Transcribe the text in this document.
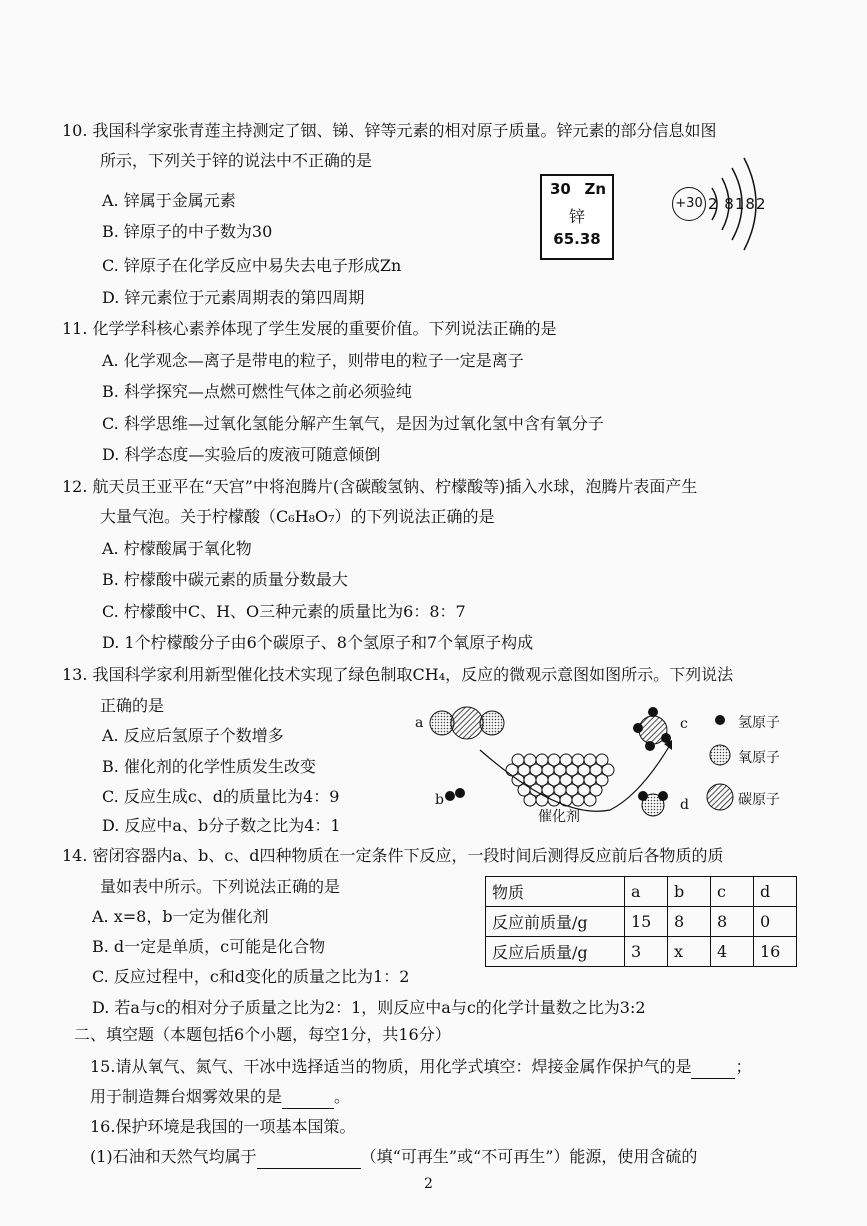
10. 我国科学家张青莲主持测定了铟、锑、锌等元素的相对原子质量。锌元素的部分信息如图
所示，下列关于锌的说法中不正确的是
A. 锌属于金属元素
B. 锌原子的中子数为30
C. 锌原子在化学反应中易失去电子形成Zn
D. 锌元素位于元素周期表的第四周期
30 Zn
锌
65.38
+30 2 8182
11. 化学学科核心素养体现了学生发展的重要价值。下列说法正确的是
A. 化学观念—离子是带电的粒子，则带电的粒子一定是离子
B. 科学探究—点燃可燃性气体之前必须验纯
C. 科学思维—过氧化氢能分解产生氧气，是因为过氧化氢中含有氧分子
D. 科学态度—实验后的废液可随意倾倒
12. 航天员王亚平在“天宫”中将泡腾片(含碳酸氢钠、柠檬酸等)插入水球，泡腾片表面产生
大量气泡。关于柠檬酸（C₆H₈O₇）的下列说法正确的是
A. 柠檬酸属于氧化物
B. 柠檬酸中碳元素的质量分数最大
C. 柠檬酸中C、H、O三种元素的质量比为6：8：7
D. 1个柠檬酸分子由6个碳原子、8个氢原子和7个氧原子构成
13. 我国科学家利用新型催化技术实现了绿色制取CH₄，反应的微观示意图如图所示。下列说法
正确的是
A. 反应后氢原子个数增多
B. 催化剂的化学性质发生改变
C. 反应生成c、d的质量比为4：9
D. 反应中a、b分子数之比为4：1
a
b
c
d
催化剂
氢原子
氧原子
碳原子
14. 密闭容器内a、b、c、d四种物质在一定条件下反应，一段时间后测得反应前后各物质的质
量如表中所示。下列说法正确的是
A. x=8，b一定为催化剂
B. d一定是单质，c可能是化合物
C. 反应过程中，c和d变化的质量之比为1：2
D. 若a与c的相对分子质量之比为2：1，则反应中a与c的化学计量数之比为3:2
物质	a	b	c	d
反应前质量/g	15	8	8	0
反应后质量/g	3	x	4	16
二、填空题（本题包括6个小题，每空1分，共16分）
15.请从氧气、氮气、干冰中选择适当的物质，用化学式填空：焊接金属作保护气的是	；
用于制造舞台烟雾效果的是	。
16.保护环境是我国的一项基本国策。
(1)石油和天然气均属于	（填“可再生”或“不可再生”）能源，使用含硫的
2
